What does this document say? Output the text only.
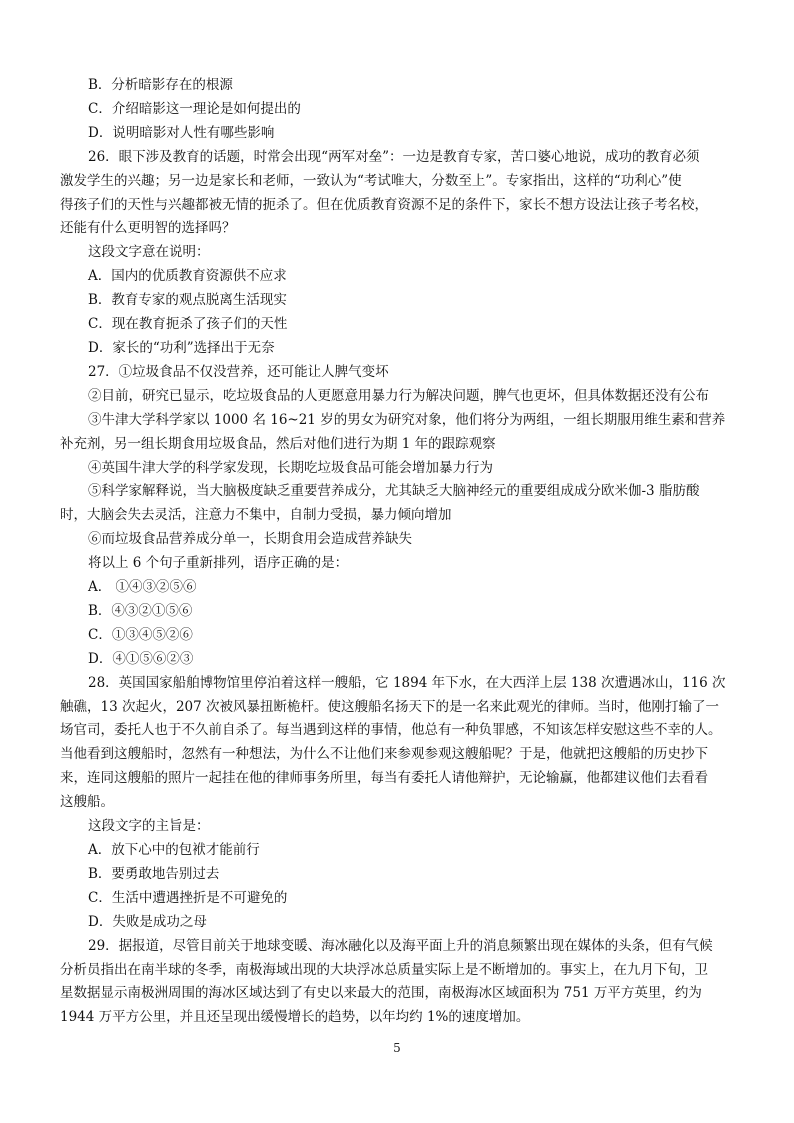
B．分析暗影存在的根源
C．介绍暗影这一理论是如何提出的
D．说明暗影对人性有哪些影响
26．眼下涉及教育的话题，时常会出现“两军对垒”：一边是教育专家，苦口婆心地说，成功的教育必须
激发学生的兴趣；另一边是家长和老师，一致认为“考试唯大，分数至上”。专家指出，这样的“功利心”使
得孩子们的天性与兴趣都被无情的扼杀了。但在优质教育资源不足的条件下，家长不想方设法让孩子考名校，
还能有什么更明智的选择吗？
这段文字意在说明：
A．国内的优质教育资源供不应求
B．教育专家的观点脱离生活现实
C．现在教育扼杀了孩子们的天性
D．家长的“功利”选择出于无奈
27．①垃圾食品不仅没营养，还可能让人脾气变坏
②目前，研究已显示，吃垃圾食品的人更愿意用暴力行为解决问题，脾气也更坏，但具体数据还没有公布
③牛津大学科学家以 1000 名 16~21 岁的男女为研究对象，他们将分为两组，一组长期服用维生素和营养
补充剂，另一组长期食用垃圾食品，然后对他们进行为期 1 年的跟踪观察
④英国牛津大学的科学家发现，长期吃垃圾食品可能会增加暴力行为
⑤科学家解释说，当大脑极度缺乏重要营养成分，尤其缺乏大脑神经元的重要组成成分欧米伽-3 脂肪酸
时，大脑会失去灵活，注意力不集中，自制力受损，暴力倾向增加
⑥而垃圾食品营养成分单一，长期食用会造成营养缺失
将以上 6 个句子重新排列，语序正确的是：
A． ①④③②⑤⑥
B．④③②①⑤⑥
C．①③④⑤②⑥
D．④①⑤⑥②③
28．英国国家船舶博物馆里停泊着这样一艘船，它 1894 年下水，在大西洋上层 138 次遭遇冰山，116 次
触礁，13 次起火，207 次被风暴扭断桅杆。使这艘船名扬天下的是一名来此观光的律师。当时，他刚打输了一
场官司，委托人也于不久前自杀了。每当遇到这样的事情，他总有一种负罪感，不知该怎样安慰这些不幸的人。
当他看到这艘船时，忽然有一种想法，为什么不让他们来参观参观这艘船呢？于是，他就把这艘船的历史抄下
来，连同这艘船的照片一起挂在他的律师事务所里，每当有委托人请他辩护，无论输赢，他都建议他们去看看
这艘船。
这段文字的主旨是：
A．放下心中的包袱才能前行
B．要勇敢地告别过去
C．生活中遭遇挫折是不可避免的
D．失败是成功之母
29．据报道，尽管目前关于地球变暖、海冰融化以及海平面上升的消息频繁出现在媒体的头条，但有气候
分析员指出在南半球的冬季，南极海域出现的大块浮冰总质量实际上是不断增加的。事实上，在九月下旬，卫
星数据显示南极洲周围的海冰区域达到了有史以来最大的范围，南极海冰区域面积为 751 万平方英里，约为
1944 万平方公里，并且还呈现出缓慢增长的趋势，以年均约 1%的速度增加。
5
